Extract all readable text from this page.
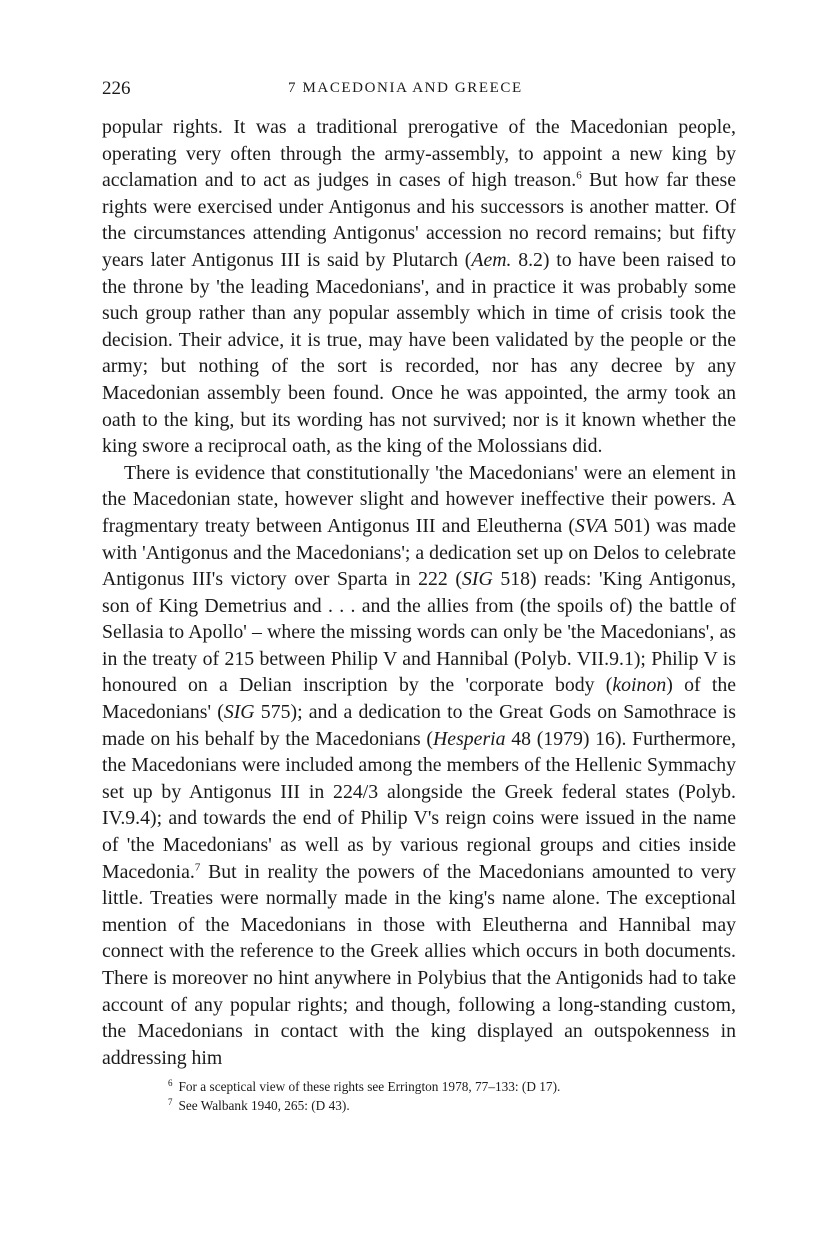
226	7 MACEDONIA AND GREECE

popular rights. It was a traditional prerogative of the Macedonian people, operating very often through the army-assembly, to appoint a new king by acclamation and to act as judges in cases of high treason.$^6$ But how far these rights were exercised under Antigonus and his successors is another matter. Of the circumstances attending Antigonus' accession no record remains; but fifty years later Antigonus III is said by Plutarch (Aem. 8.2) to have been raised to the throne by 'the leading Macedonians', and in practice it was probably some such group rather than any popular assembly which in time of crisis took the decision. Their advice, it is true, may have been validated by the people or the army; but nothing of the sort is recorded, nor has any decree by any Macedonian assembly been found. Once he was appointed, the army took an oath to the king, but its wording has not survived; nor is it known whether the king swore a reciprocal oath, as the king of the Molossians did.

There is evidence that constitutionally 'the Macedonians' were an element in the Macedonian state, however slight and however ineffective their powers. A fragmentary treaty between Antigonus III and Eleutherna (SVA 501) was made with 'Antigonus and the Macedonians'; a dedication set up on Delos to celebrate Antigonus III's victory over Sparta in 222 (SIG 518) reads: 'King Antigonus, son of King Demetrius and . . . and the allies from (the spoils of) the battle of Sellasia to Apollo' – where the missing words can only be 'the Macedonians', as in the treaty of 215 between Philip V and Hannibal (Polyb. VII.9.1); Philip V is honoured on a Delian inscription by the 'corporate body (koinon) of the Macedonians' (SIG 575); and a dedication to the Great Gods on Samothrace is made on his behalf by the Macedonians (Hesperia 48 (1979) 16). Furthermore, the Macedonians were included among the members of the Hellenic Symmachy set up by Antigonus III in 224/3 alongside the Greek federal states (Polyb. IV.9.4); and towards the end of Philip V's reign coins were issued in the name of 'the Macedonians' as well as by various regional groups and cities inside Macedonia.$^7$ But in reality the powers of the Macedonians amounted to very little. Treaties were normally made in the king's name alone. The exceptional mention of the Macedonians in those with Eleutherna and Hannibal may connect with the reference to the Greek allies which occurs in both documents. There is moreover no hint anywhere in Polybius that the Antigonids had to take account of any popular rights; and though, following a long-standing custom, the Macedonians in contact with the king displayed an outspokenness in addressing him

$^6$ For a sceptical view of these rights see Errington 1978, 77–133: (D 17).
$^7$ See Walbank 1940, 265: (D 43).
